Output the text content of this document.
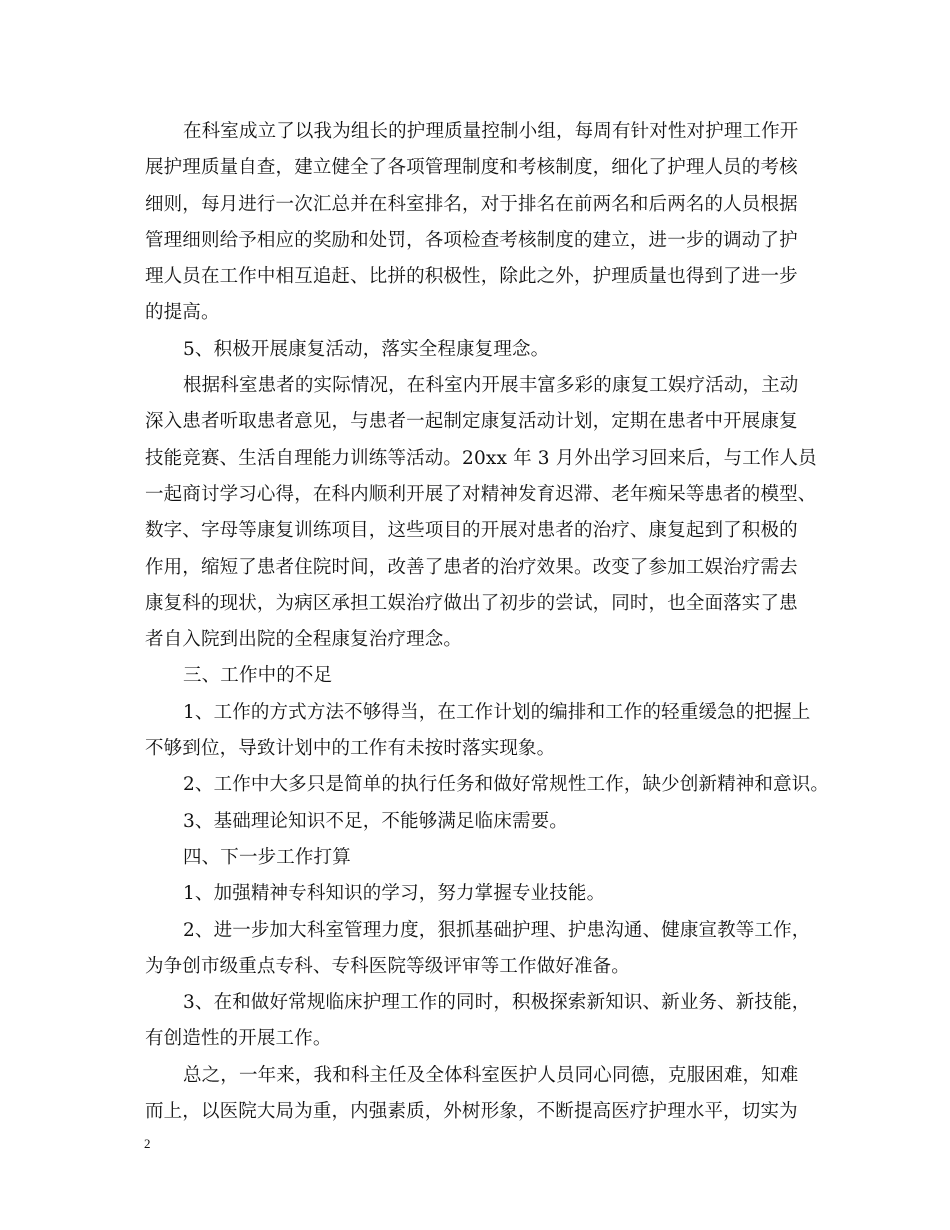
在科室成立了以我为组长的护理质量控制小组，每周有针对性对护理工作开
展护理质量自查，建立健全了各项管理制度和考核制度，细化了护理人员的考核
细则，每月进行一次汇总并在科室排名，对于排名在前两名和后两名的人员根据
管理细则给予相应的奖励和处罚，各项检查考核制度的建立，进一步的调动了护
理人员在工作中相互追赶、比拼的积极性，除此之外，护理质量也得到了进一步
的提高。
5、积极开展康复活动，落实全程康复理念。
根据科室患者的实际情况，在科室内开展丰富多彩的康复工娱疗活动，主动
深入患者听取患者意见，与患者一起制定康复活动计划，定期在患者中开展康复
技能竞赛、生活自理能力训练等活动。20xx 年 3 月外出学习回来后，与工作人员
一起商讨学习心得，在科内顺利开展了对精神发育迟滞、老年痴呆等患者的模型、
数字、字母等康复训练项目，这些项目的开展对患者的治疗、康复起到了积极的
作用，缩短了患者住院时间，改善了患者的治疗效果。改变了参加工娱治疗需去
康复科的现状，为病区承担工娱治疗做出了初步的尝试，同时，也全面落实了患
者自入院到出院的全程康复治疗理念。
三、工作中的不足
1、工作的方式方法不够得当，在工作计划的编排和工作的轻重缓急的把握上
不够到位，导致计划中的工作有未按时落实现象。
2、工作中大多只是简单的执行任务和做好常规性工作，缺少创新精神和意识。
3、基础理论知识不足，不能够满足临床需要。
四、下一步工作打算
1、加强精神专科知识的学习，努力掌握专业技能。
2、进一步加大科室管理力度，狠抓基础护理、护患沟通、健康宣教等工作，
为争创市级重点专科、专科医院等级评审等工作做好准备。
3、在和做好常规临床护理工作的同时，积极探索新知识、新业务、新技能，
有创造性的开展工作。
总之，一年来，我和科主任及全体科室医护人员同心同德，克服困难，知难
而上，以医院大局为重，内强素质，外树形象，不断提高医疗护理水平，切实为
2
